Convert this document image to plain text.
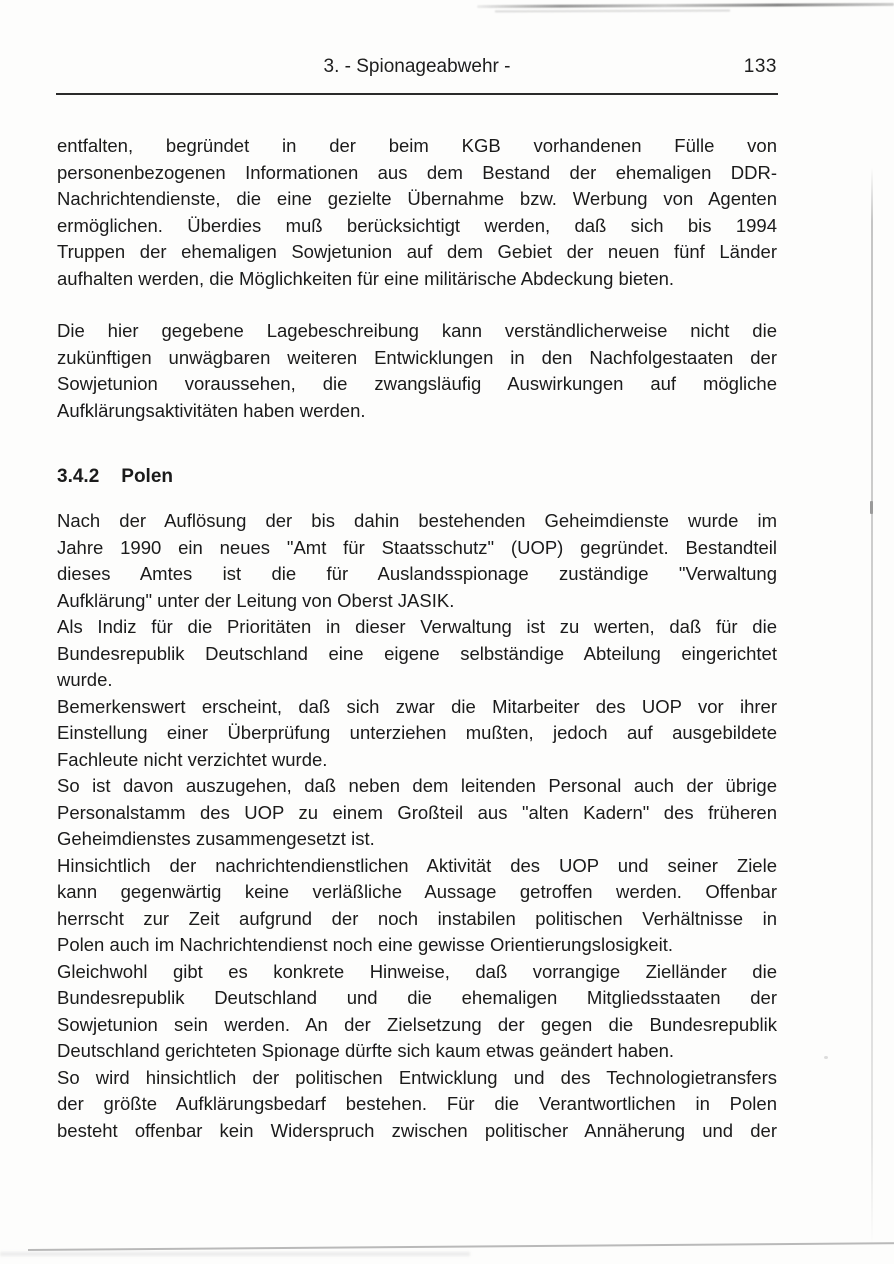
3. - Spionageabwehr -	133
entfalten, begründet in der beim KGB vorhandenen Fülle von
personenbezogenen Informationen aus dem Bestand der ehemaligen DDR-
Nachrichtendienste, die eine gezielte Übernahme bzw. Werbung von Agenten
ermöglichen. Überdies muß berücksichtigt werden, daß sich bis 1994
Truppen der ehemaligen Sowjetunion auf dem Gebiet der neuen fünf Länder
aufhalten werden, die Möglichkeiten für eine militärische Abdeckung bieten.
Die hier gegebene Lagebeschreibung kann verständlicherweise nicht die
zukünftigen unwägbaren weiteren Entwicklungen in den Nachfolgestaaten der
Sowjetunion voraussehen, die zwangsläufig Auswirkungen auf mögliche
Aufklärungsaktivitäten haben werden.
3.4.2 Polen
Nach der Auflösung der bis dahin bestehenden Geheimdienste wurde im
Jahre 1990 ein neues "Amt für Staatsschutz" (UOP) gegründet. Bestandteil
dieses Amtes ist die für Auslandsspionage zuständige "Verwaltung
Aufklärung" unter der Leitung von Oberst JASIK.
Als Indiz für die Prioritäten in dieser Verwaltung ist zu werten, daß für die
Bundesrepublik Deutschland eine eigene selbständige Abteilung eingerichtet
wurde.
Bemerkenswert erscheint, daß sich zwar die Mitarbeiter des UOP vor ihrer
Einstellung einer Überprüfung unterziehen mußten, jedoch auf ausgebildete
Fachleute nicht verzichtet wurde.
So ist davon auszugehen, daß neben dem leitenden Personal auch der übrige
Personalstamm des UOP zu einem Großteil aus "alten Kadern" des früheren
Geheimdienstes zusammengesetzt ist.
Hinsichtlich der nachrichtendienstlichen Aktivität des UOP und seiner Ziele
kann gegenwärtig keine verläßliche Aussage getroffen werden. Offenbar
herrscht zur Zeit aufgrund der noch instabilen politischen Verhältnisse in
Polen auch im Nachrichtendienst noch eine gewisse Orientierungslosigkeit.
Gleichwohl gibt es konkrete Hinweise, daß vorrangige Zielländer die
Bundesrepublik Deutschland und die ehemaligen Mitgliedsstaaten der
Sowjetunion sein werden. An der Zielsetzung der gegen die Bundesrepublik
Deutschland gerichteten Spionage dürfte sich kaum etwas geändert haben.
So wird hinsichtlich der politischen Entwicklung und des Technologietransfers
der größte Aufklärungsbedarf bestehen. Für die Verantwortlichen in Polen
besteht offenbar kein Widerspruch zwischen politischer Annäherung und der
